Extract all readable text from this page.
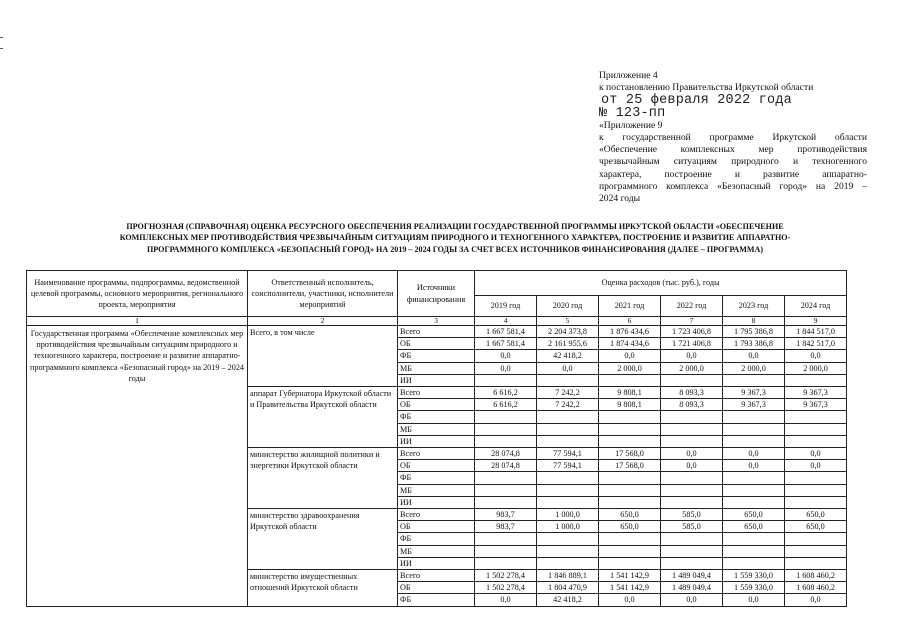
Приложение 4
к постановлению Правительства Иркутской области
от 25 февраля 2022 года
№ 123-пп
«Приложение 9
к государственной программе Иркутской области
«Обеспечение комплексных мер противодействия
чрезвычайным ситуациям природного и техногенного
характера, построение и развитие аппаратно-
программного комплекса «Безопасный город» на 2019 –
2024 годы
ПРОГНОЗНАЯ (СПРАВОЧНАЯ) ОЦЕНКА РЕСУРСНОГО ОБЕСПЕЧЕНИЯ РЕАЛИЗАЦИИ ГОСУДАРСТВЕННОЙ ПРОГРАММЫ ИРКУТСКОЙ ОБЛАСТИ «ОБЕСПЕЧЕНИЕ
КОМПЛЕКСНЫХ МЕР ПРОТИВОДЕЙСТВИЯ ЧРЕЗВЫЧАЙНЫМ СИТУАЦИЯМ ПРИРОДНОГО И ТЕХНОГЕННОГО ХАРАКТЕРА, ПОСТРОЕНИЕ И РАЗВИТИЕ АППАРАТНО-
ПРОГРАММНОГО КОМПЛЕКСА «БЕЗОПАСНЫЙ ГОРОД» НА 2019 – 2024 ГОДЫ ЗА СЧЕТ ВСЕХ ИСТОЧНИКОВ ФИНАНСИРОВАНИЯ (ДАЛЕЕ – ПРОГРАММА)
Наименование программы, подпрограммы, ведомственной целевой программы, основного мероприятия, регионального проекта, мероприятия	Ответственный исполнитель, соисполнители, участники, исполнители мероприятий	Источники финансирования	Оценка расходов (тыс. руб.), годы					
			2019 год	2020 год	2021 год	2022 год	2023 год	2024 год
1	2	3	4	5	6	7	8	9
Государственная программа «Обеспечение комплексных мер противодействия чрезвычайным ситуациям природного и техногенного характера, построение и развитие аппаратно-программного комплекса «Безопасный город» на 2019 – 2024 годы	Всего, в том числе	Всего	1 667 581,4	2 204 373,8	1 876 434,6	1 723 406,8	1 795 386,8	1 844 517,0
		ОБ	1 667 581,4	2 161 955,6	1 874 434,6	1 721 406,8	1 793 386,8	1 842 517,0
		ФБ	0,0	42 418,2	0,0	0,0	0,0	0,0
		МБ	0,0	0,0	2 000,0	2 000,0	2 000,0	2 000,0
		ИИ						
	аппарат Губернатора Иркутской области и Правительства Иркутской области	Всего	6 616,2	7 242,2	9 808,1	8 093,3	9 367,3	9 367,3
		ОБ	6 616,2	7 242,2	9 808,1	8 093,3	9 367,3	9 367,3
		ФБ						
		МБ						
		ИИ						
	министерство жилищной политики и энергетики Иркутской области	Всего	28 074,8	77 594,1	17 568,0	0,0	0,0	0,0
		ОБ	28 074,8	77 594,1	17 568,0	0,0	0,0	0,0
		ФБ						
		МБ						
		ИИ						
	министерство здравоохранения Иркутской области	Всего	983,7	1 000,0	650,0	585,0	650,0	650,0
		ОБ	983,7	1 000,0	650,0	585,0	650,0	650,0
		ФБ						
		МБ						
		ИИ						
	министерство имущественных отношений Иркутской области	Всего	1 502 278,4	1 846 889,1	1 541 142,9	1 489 049,4	1 559 330,0	1 608 460,2
		ОБ	1 502 278,4	1 804 470,9	1 541 142,9	1 489 049,4	1 559 330,0	1 608 460,2
		ФБ	0,0	42 418,2	0,0	0,0	0,0	0,0
